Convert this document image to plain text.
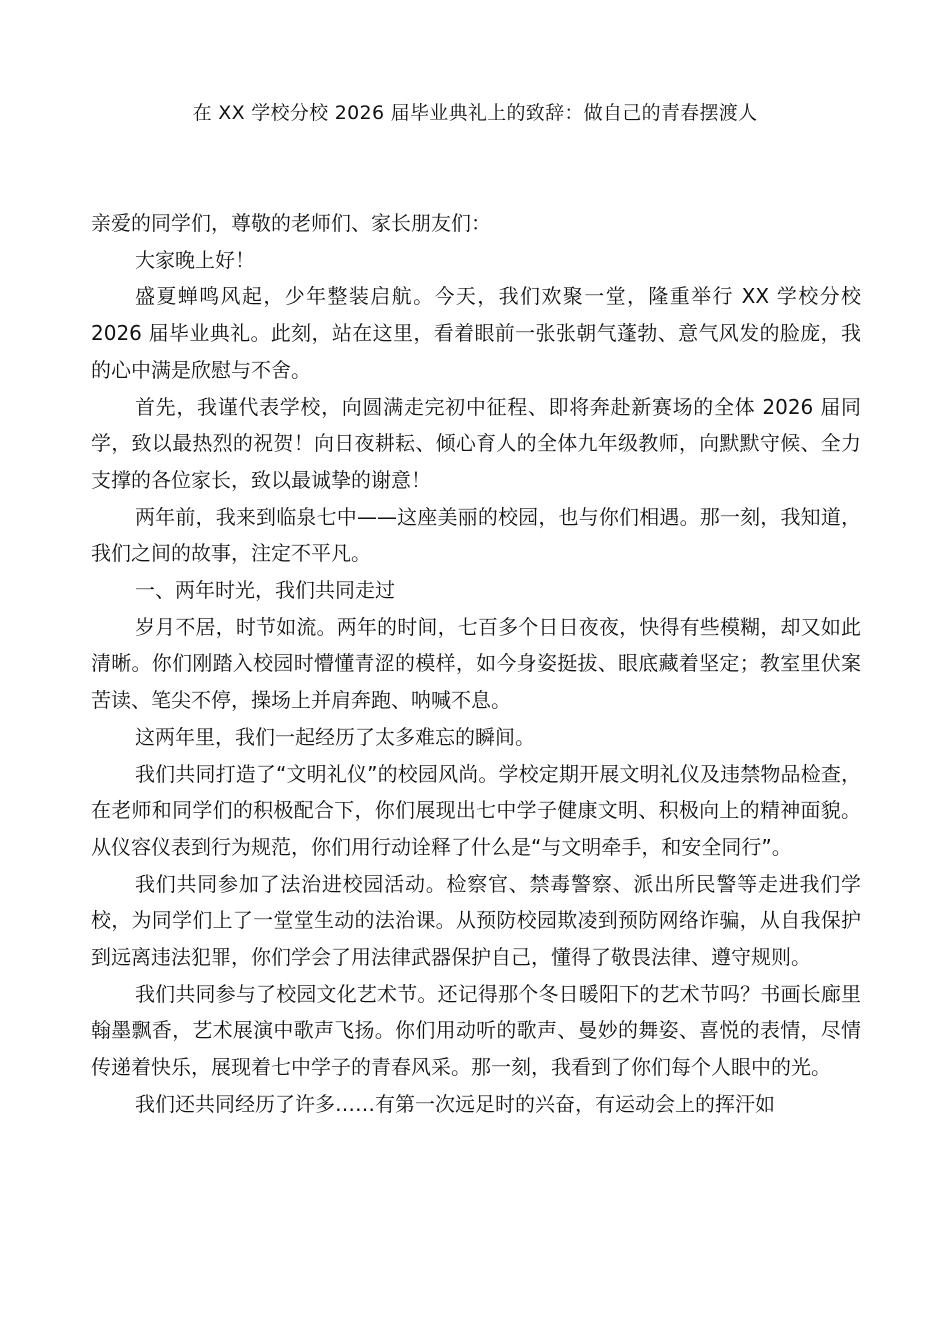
在 XX 学校分校 2026 届毕业典礼上的致辞：做自己的青春摆渡人

亲爱的同学们，尊敬的老师们、家长朋友们：

大家晚上好！

盛夏蝉鸣风起，少年整装启航。今天，我们欢聚一堂，隆重举行 XX 学校分校 2026 届毕业典礼。此刻，站在这里，看着眼前一张张朝气蓬勃、意气风发的脸庞，我的心中满是欣慰与不舍。

首先，我谨代表学校，向圆满走完初中征程、即将奔赴新赛场的全体 2026 届同学，致以最热烈的祝贺！向日夜耕耘、倾心育人的全体九年级教师，向默默守候、全力支撑的各位家长，致以最诚挚的谢意！

两年前，我来到临泉七中——这座美丽的校园，也与你们相遇。那一刻，我知道，我们之间的故事，注定不平凡。

一、两年时光，我们共同走过

岁月不居，时节如流。两年的时间，七百多个日日夜夜，快得有些模糊，却又如此清晰。你们刚踏入校园时懵懂青涩的模样，如今身姿挺拔、眼底藏着坚定；教室里伏案苦读、笔尖不停，操场上并肩奔跑、呐喊不息。

这两年里，我们一起经历了太多难忘的瞬间。

我们共同打造了“文明礼仪”的校园风尚。学校定期开展文明礼仪及违禁物品检查，在老师和同学们的积极配合下，你们展现出七中学子健康文明、积极向上的精神面貌。从仪容仪表到行为规范，你们用行动诠释了什么是“与文明牵手，和安全同行”。

我们共同参加了法治进校园活动。检察官、禁毒警察、派出所民警等走进我们学校，为同学们上了一堂堂生动的法治课。从预防校园欺凌到预防网络诈骗，从自我保护到远离违法犯罪，你们学会了用法律武器保护自己，懂得了敬畏法律、遵守规则。

我们共同参与了校园文化艺术节。还记得那个冬日暖阳下的艺术节吗？书画长廊里翰墨飘香，艺术展演中歌声飞扬。你们用动听的歌声、曼妙的舞姿、喜悦的表情，尽情传递着快乐，展现着七中学子的青春风采。那一刻，我看到了你们每个人眼中的光。

我们还共同经历了许多……有第一次远足时的兴奋，有运动会上的挥汗如
